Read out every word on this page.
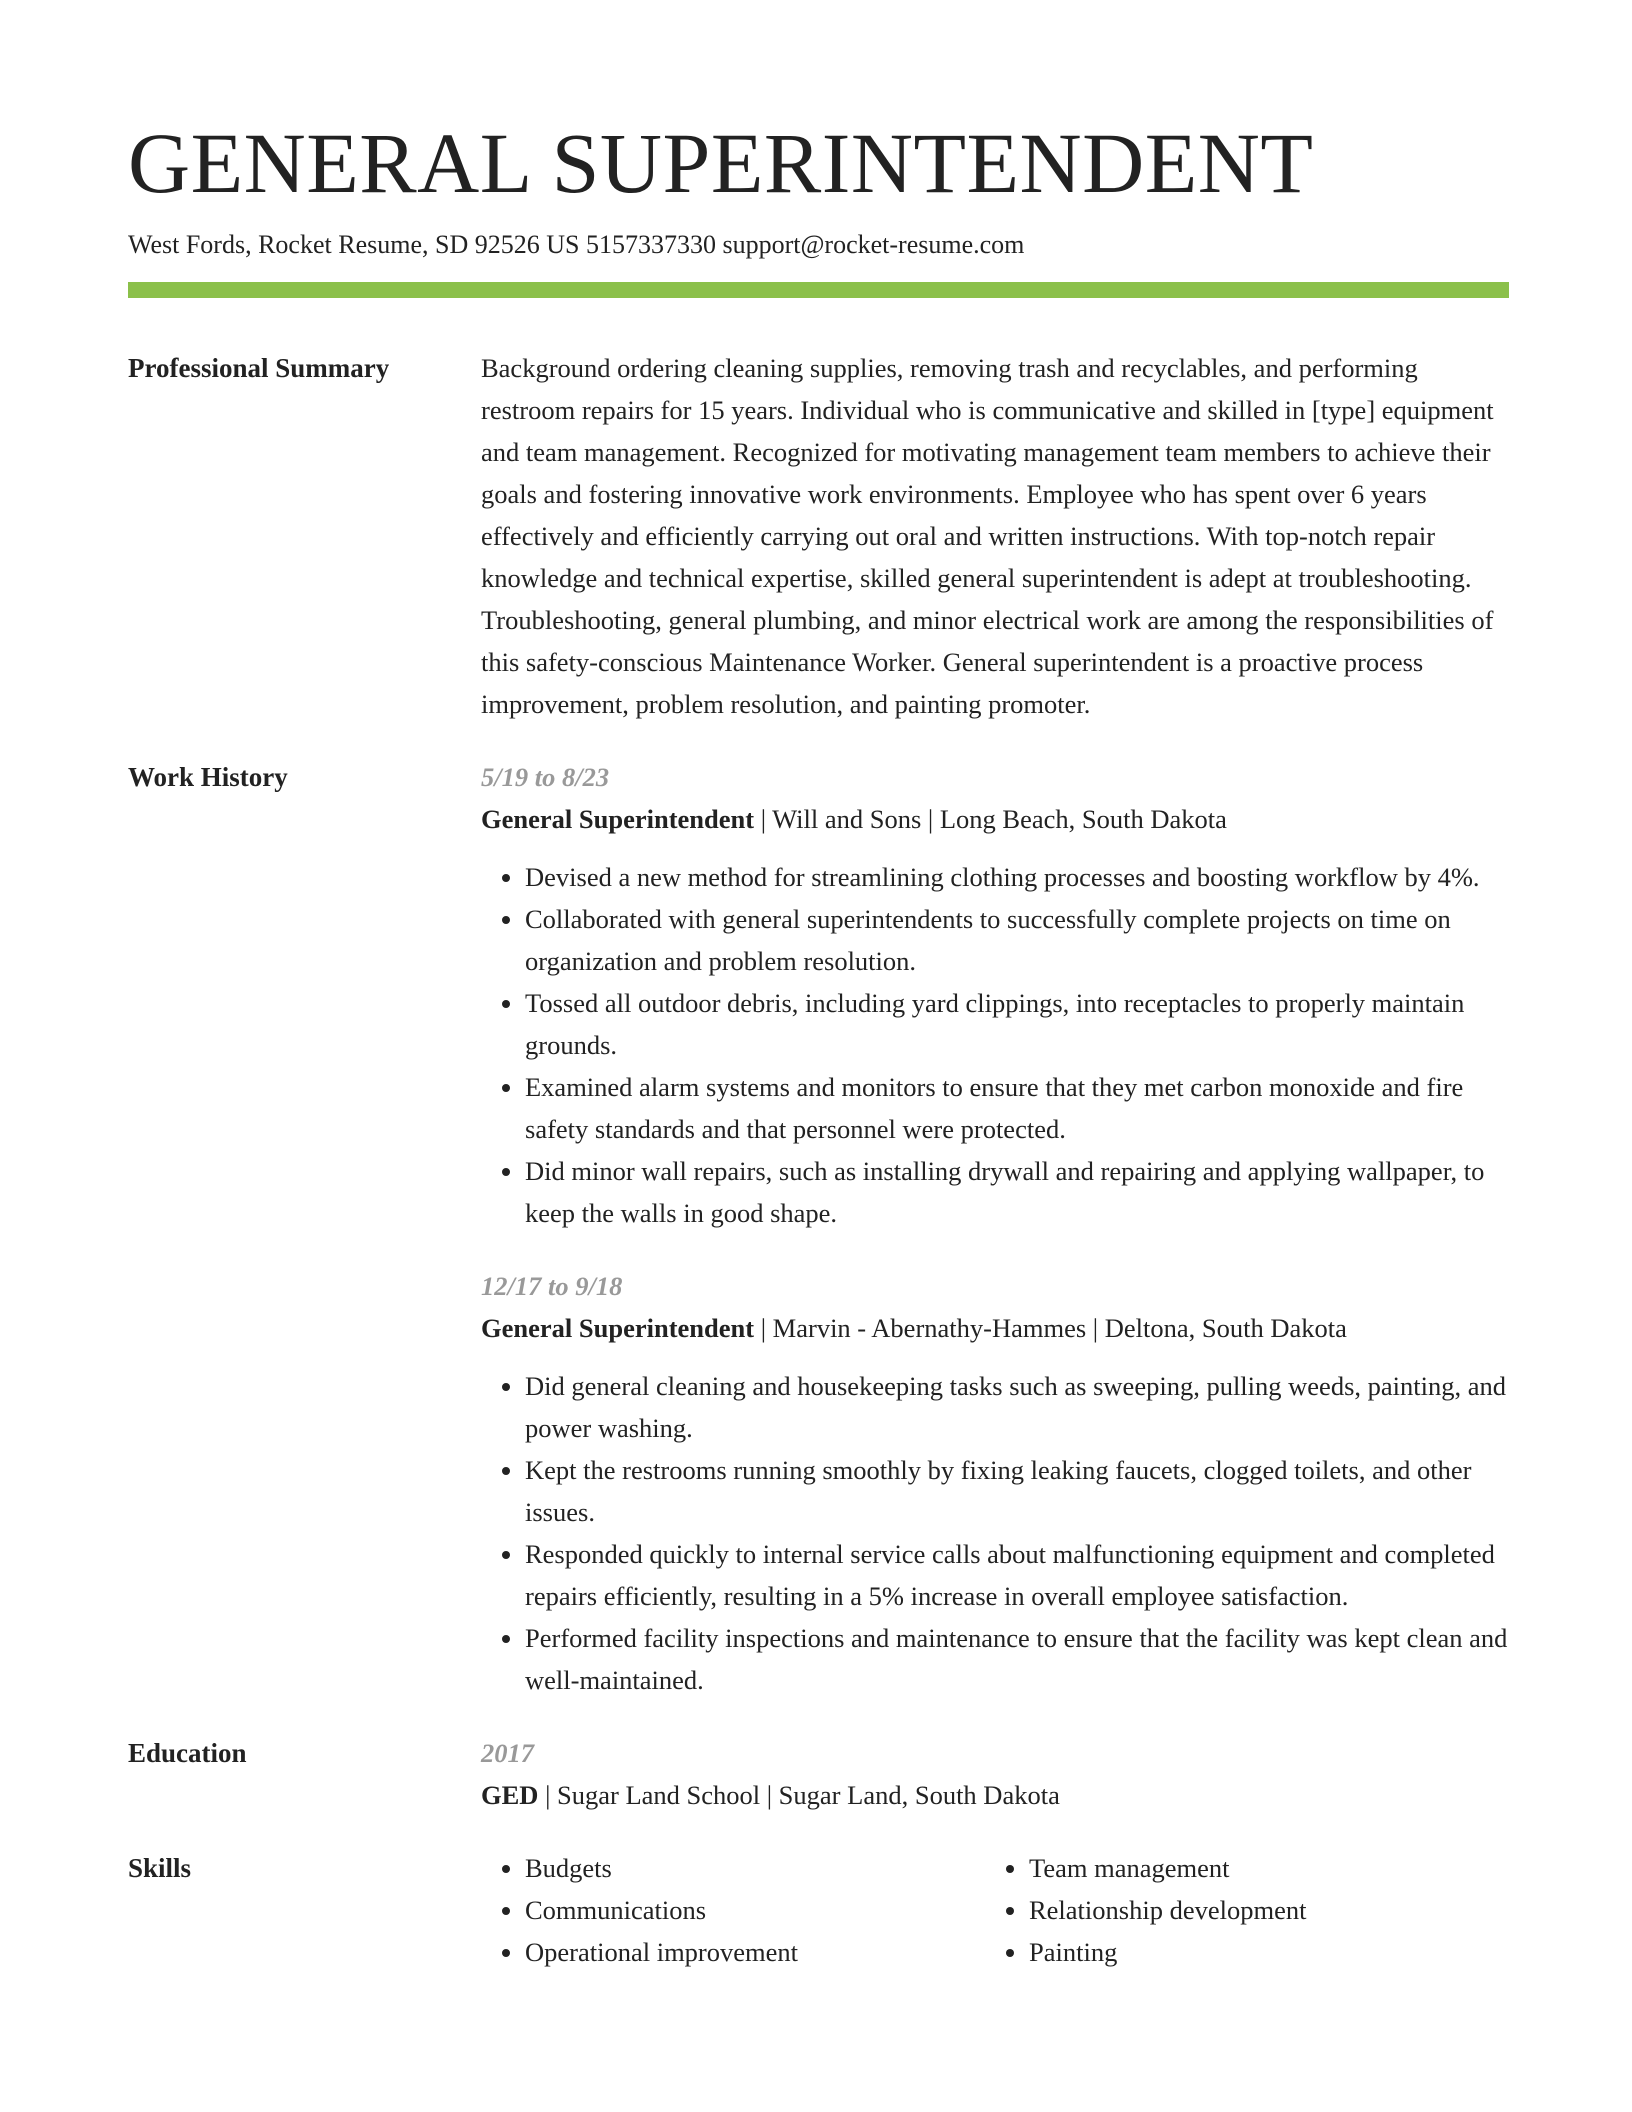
GENERAL SUPERINTENDENT
West Fords, Rocket Resume, SD 92526 US 5157337330 support@rocket-resume.com
Professional Summary	Background ordering cleaning supplies, removing trash and recyclables, and performing restroom repairs for 15 years. Individual who is communicative and skilled in [type] equipment and team management. Recognized for motivating management team members to achieve their goals and fostering innovative work environments. Employee who has spent over 6 years effectively and efficiently carrying out oral and written instructions. With top-notch repair knowledge and technical expertise, skilled general superintendent is adept at troubleshooting. Troubleshooting, general plumbing, and minor electrical work are among the responsibilities of this safety-conscious Maintenance Worker. General superintendent is a proactive process improvement, problem resolution, and painting promoter.

Work History	5/19 to 8/23
General Superintendent | Will and Sons | Long Beach, South Dakota
• Devised a new method for streamlining clothing processes and boosting workflow by 4%.
• Collaborated with general superintendents to successfully complete projects on time on organization and problem resolution.
• Tossed all outdoor debris, including yard clippings, into receptacles to properly maintain grounds.
• Examined alarm systems and monitors to ensure that they met carbon monoxide and fire safety standards and that personnel were protected.
• Did minor wall repairs, such as installing drywall and repairing and applying wallpaper, to keep the walls in good shape.
12/17 to 9/18
General Superintendent | Marvin - Abernathy-Hammes | Deltona, South Dakota
• Did general cleaning and housekeeping tasks such as sweeping, pulling weeds, painting, and power washing.
• Kept the restrooms running smoothly by fixing leaking faucets, clogged toilets, and other issues.
• Responded quickly to internal service calls about malfunctioning equipment and completed repairs efficiently, resulting in a 5% increase in overall employee satisfaction.
• Performed facility inspections and maintenance to ensure that the facility was kept clean and well-maintained.
Education	2017
GED | Sugar Land School | Sugar Land, South Dakota
Skills
•	Budgets
• Communications
• Operational improvement
• Team management
• Relationship development
• Painting
